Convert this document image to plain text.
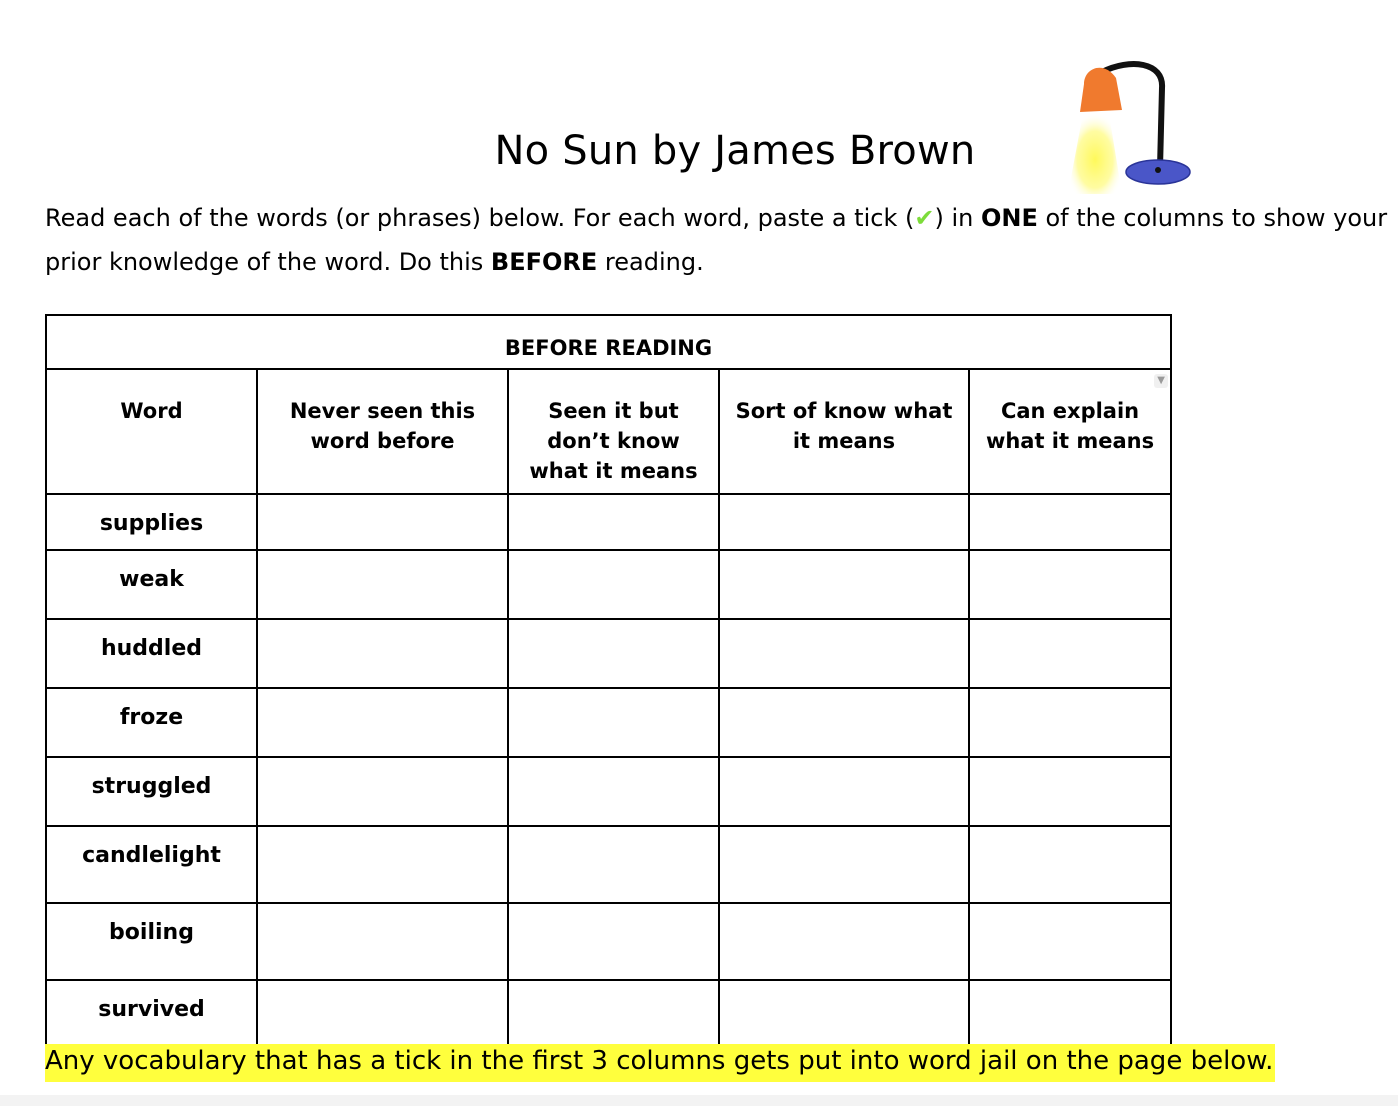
No Sun by James Brown
Read each of the words (or phrases) below. For each word, paste a tick (✔) in ONE of the columns to show your prior knowledge of the word. Do this BEFORE reading.
BEFORE READING				

Word	Never seen this word before	Seen it but don’t know what it means	Sort of know what it means	Can explain what it means
▼

supplies				
weak				
huddled				
froze				
struggled				
candlelight				
boiling				
survived				
Any vocabulary that has a tick in the first 3 columns gets put into word jail on the page below.
